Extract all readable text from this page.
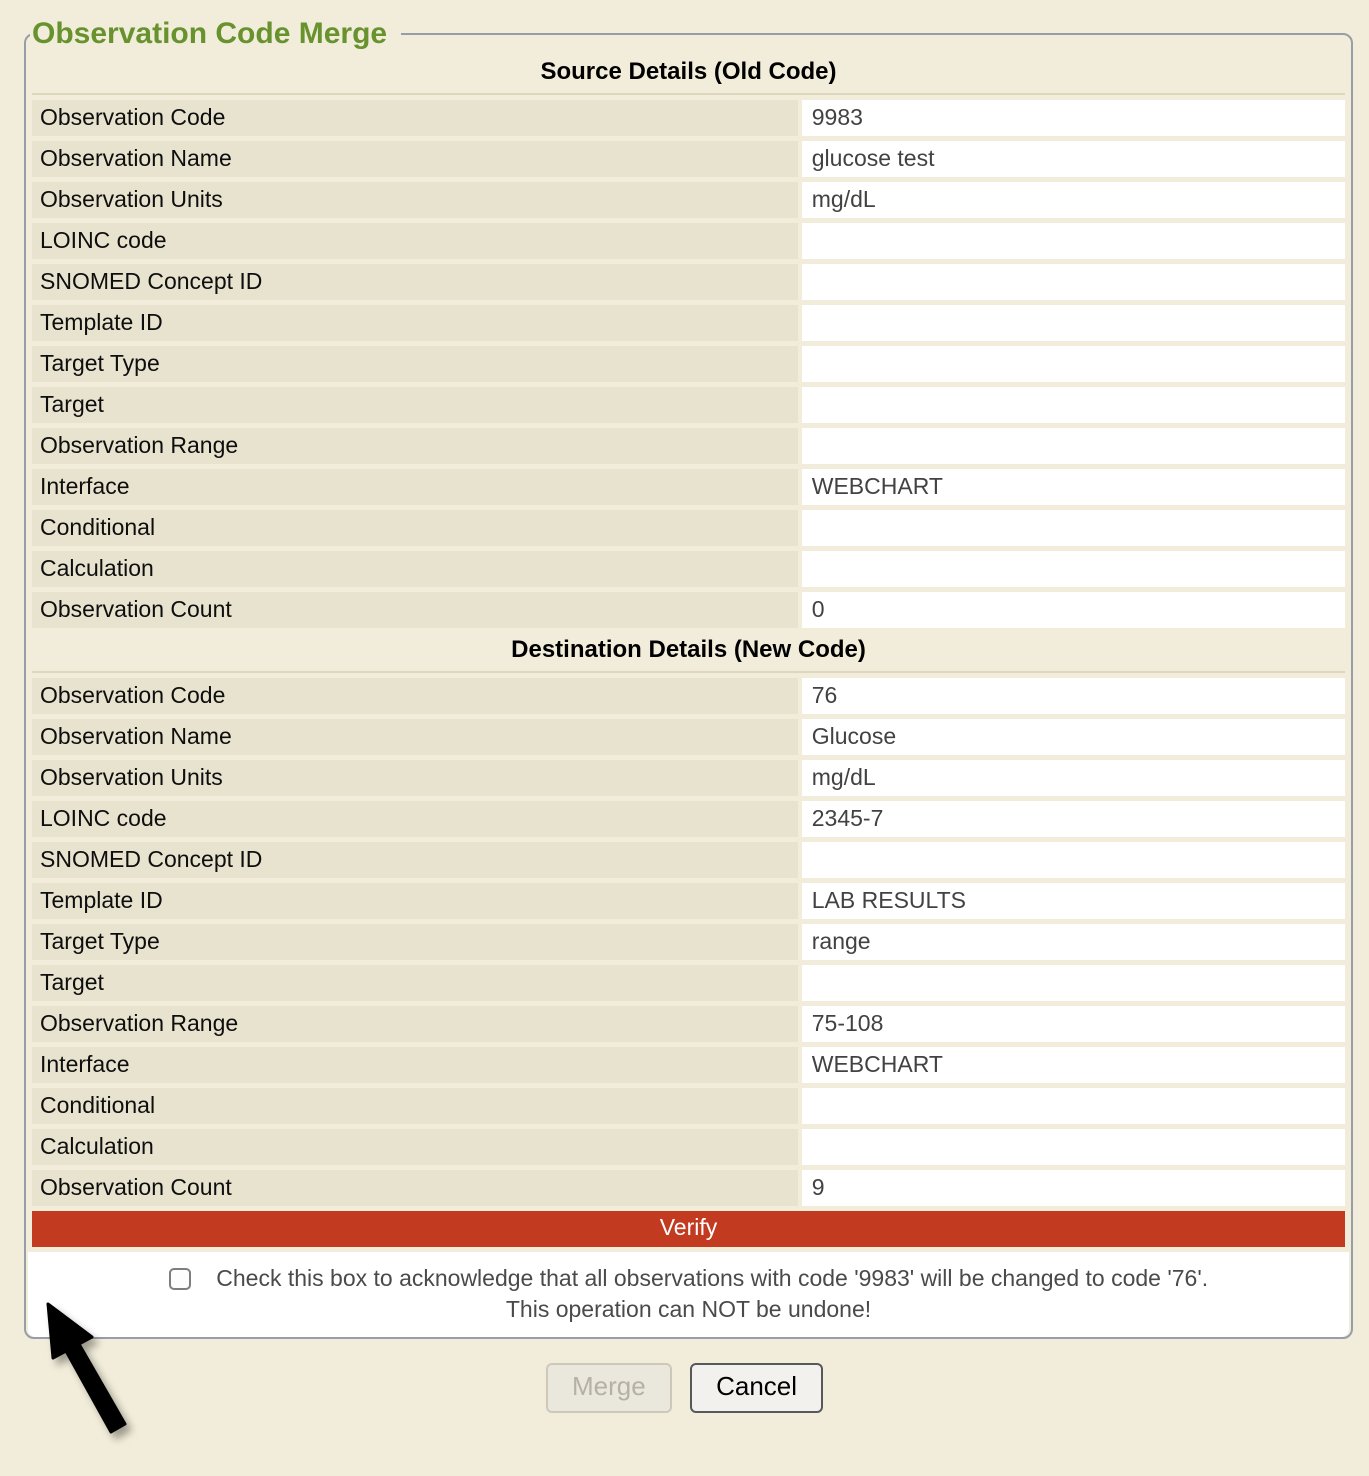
Observation Code Merge
Source Details (Old Code)	
Observation Code	9983
Observation Name	glucose test
Observation Units	mg/dL
LOINC code	
SNOMED Concept ID	
Template ID	
Target Type	
Target	
Observation Range	
Interface	WEBCHART
Conditional	
Calculation	
Observation Count	0
Destination Details (New Code)	
Observation Code	76
Observation Name	Glucose
Observation Units	mg/dL
LOINC code	2345-7
SNOMED Concept ID	
Template ID	LAB RESULTS
Target Type	range
Target	
Observation Range	75-108
Interface	WEBCHART
Conditional	
Calculation	
Observation Count	9
Verify	
Check this box to acknowledge that all observations with code '9983' will be changed to code '76'.
This operation can NOT be undone!
Merge	Cancel
